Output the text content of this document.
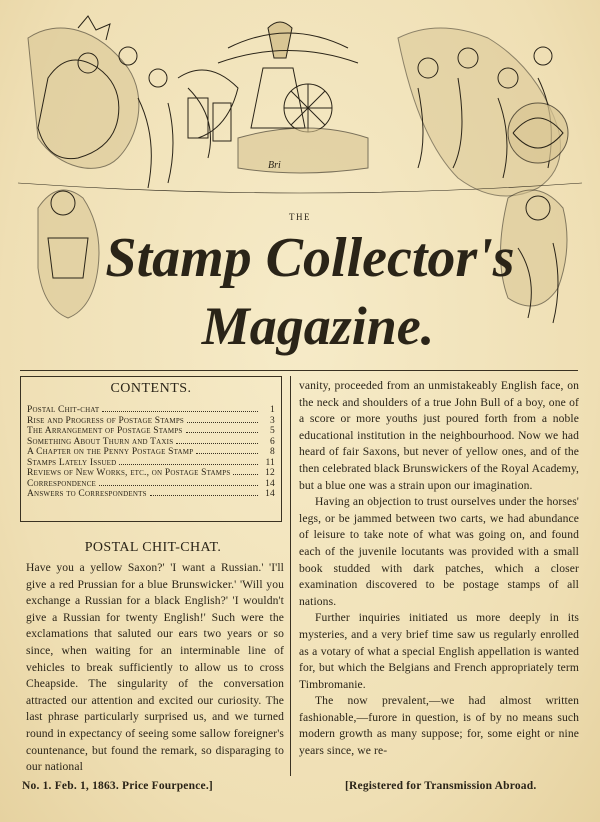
Bri
THE
Stamp Collector's
Magazine.
CONTENTS.
Postal Chit-chat	1
Rise and Progress of Postage Stamps	3
The Arrangement of Postage Stamps	5
Something About Thurn and Taxis	6
A Chapter on the Penny Postage Stamp	8
Stamps Lately Issued	11
Reviews of New Works, etc., on Postage Stamps	12
Correspondence	14
Answers to Correspondents	14
POSTAL CHIT-CHAT.

Have you a yellow Saxon?' 'I want a Russian.' 'I'll give a red Prussian for a blue Brunswicker.' 'Will you exchange a Russian for a black English?' 'I wouldn't give a Russian for twenty English!' Such were the exclamations that saluted our ears two years or so since, when waiting for an interminable line of vehicles to break sufficiently to allow us to cross Cheapside. The singularity of the conversation attracted our attention and excited our curiosity. The last phrase particularly surprised us, and we turned round in expectancy of seeing some sallow foreigner's countenance, but found the remark, so disparaging to our national

vanity, proceeded from an unmistakeably English face, on the neck and shoulders of a true John Bull of a boy, one of a score or more youths just poured forth from a noble educational institution in the neighbourhood. Now we had heard of fair Saxons, but never of yellow ones, and of the then celebrated black Brunswickers of the Royal Academy, but a blue one was a strain upon our imagination.

Having an objection to trust ourselves under the horses' legs, or be jammed between two carts, we had abundance of leisure to take note of what was going on, and found each of the juvenile locutants was provided with a small book studded with dark patches, which a closer examination discovered to be postage stamps of all nations.

Further inquiries initiated us more deeply in its mysteries, and a very brief time saw us regularly enrolled as a votary of what a special English appellation is wanted for, but which the Belgians and French appropriately term Timbromanie.

The now prevalent,—we had almost written fashionable,—furore in question, is of by no means such modern growth as many suppose; for, some eight or nine years since, we re-

No. 1. Feb. 1, 1863. Price Fourpence.]	[Registered for Transmission Abroad.
